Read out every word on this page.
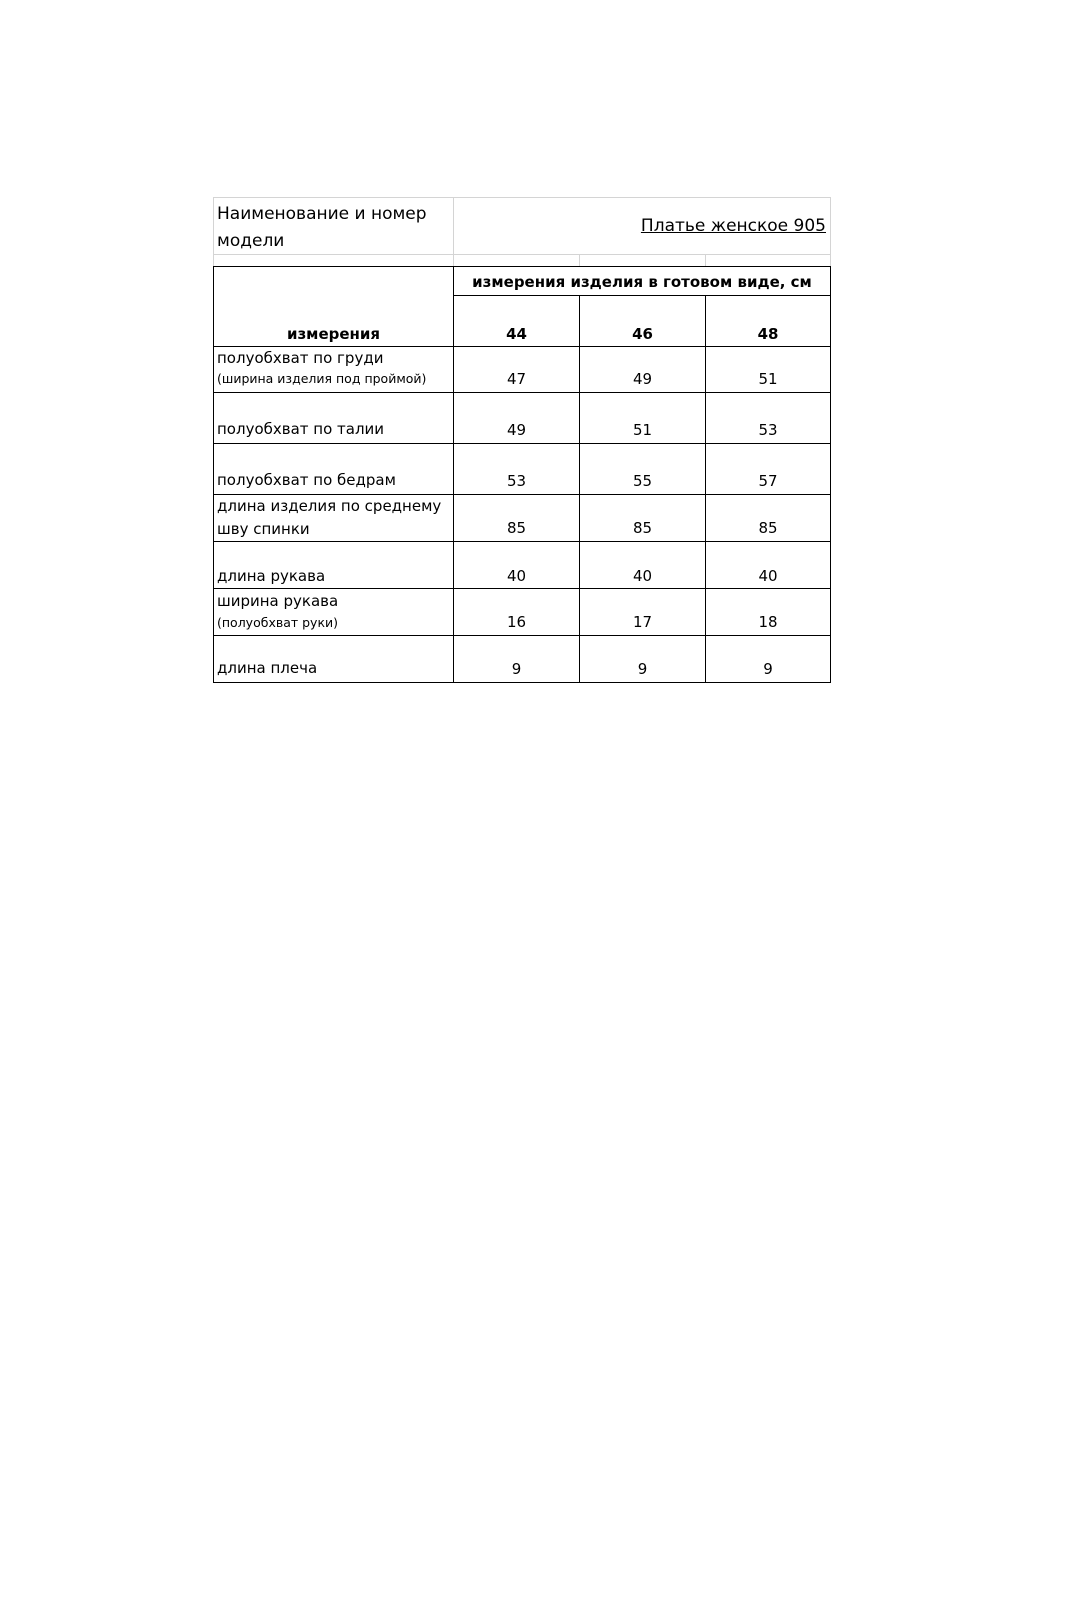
Наименование и номер модели
Платье женское 905
измерения
измерения изделия в готовом виде, см
44	46	48
полуобхват по груди
(ширина изделия под проймой)	47	49	51
полуобхват по талии	49	51	53
полуобхват по бедрам	53	55	57
длина изделия по среднему
шву спинки	85	85	85
длина рукава	40	40	40
ширина рукава
(полуобхват руки)	16	17	18
длина плеча	9	9	9
